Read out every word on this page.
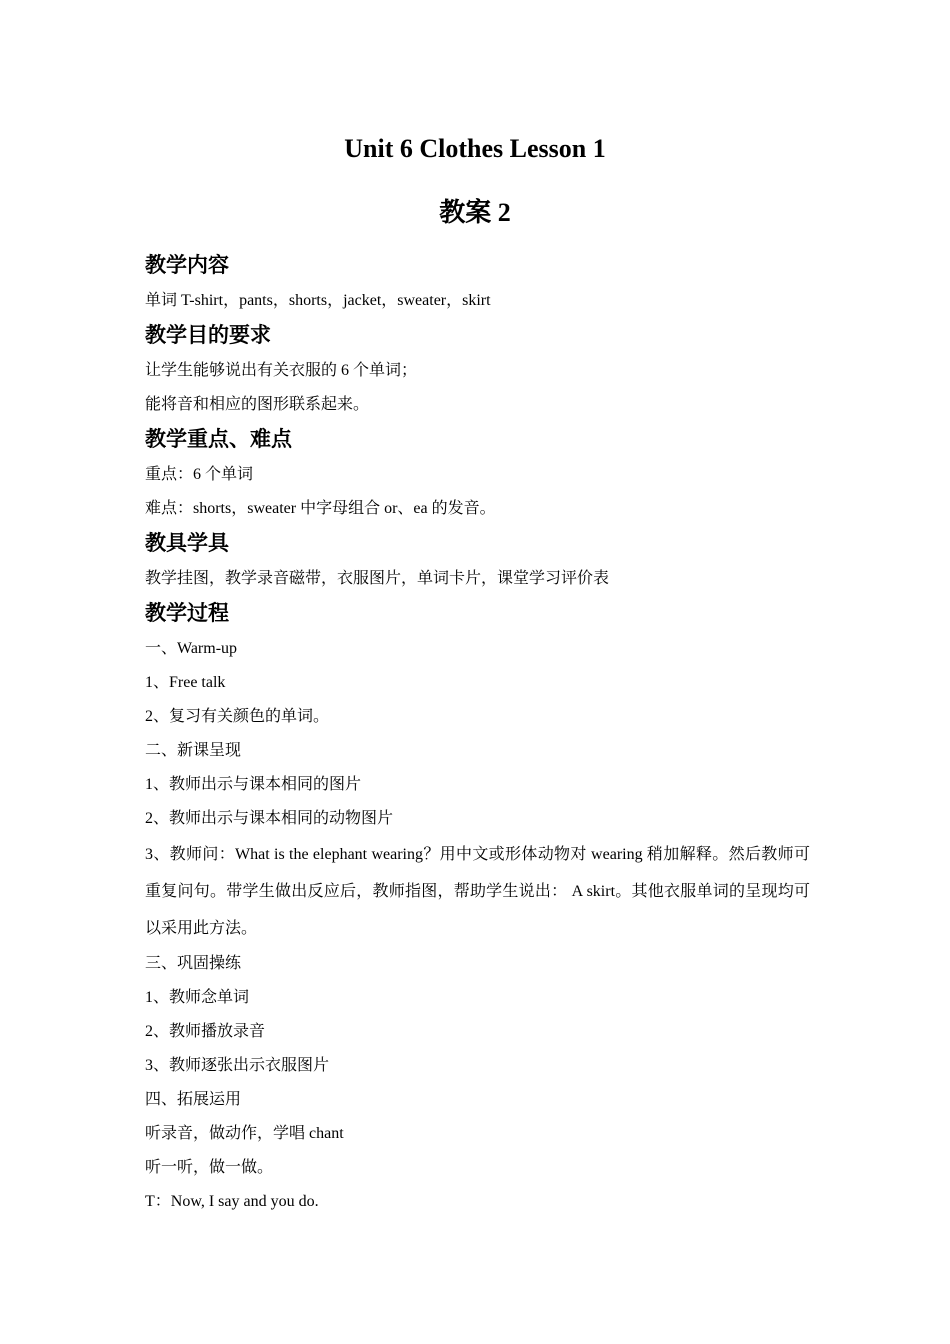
Unit 6 Clothes Lesson 1
教案 2
教学内容

单词 T-shirt，pants，shorts，jacket，sweater，skirt

教学目的要求

让学生能够说出有关衣服的 6 个单词；

能将音和相应的图形联系起来。

教学重点、难点

重点：6 个单词

难点：shorts，sweater 中字母组合 or、ea 的发音。

教具学具

教学挂图，教学录音磁带，衣服图片，单词卡片，课堂学习评价表

教学过程

一、Warm-up

1、Free talk

2、复习有关颜色的单词。

二、新课呈现

1、教师出示与课本相同的图片

2、教师出示与课本相同的动物图片

3、教师问：What is the elephant wearing？用中文或形体动物对 wearing 稍加解释。然后教师可重复问句。带学生做出反应后，教师指图，帮助学生说出： A skirt。其他衣服单词的呈现均可以采用此方法。

三、巩固操练

1、教师念单词

2、教师播放录音

3、教师逐张出示衣服图片

四、拓展运用

听录音，做动作，学唱 chant

听一听，做一做。

T：Now, I say and you do.
